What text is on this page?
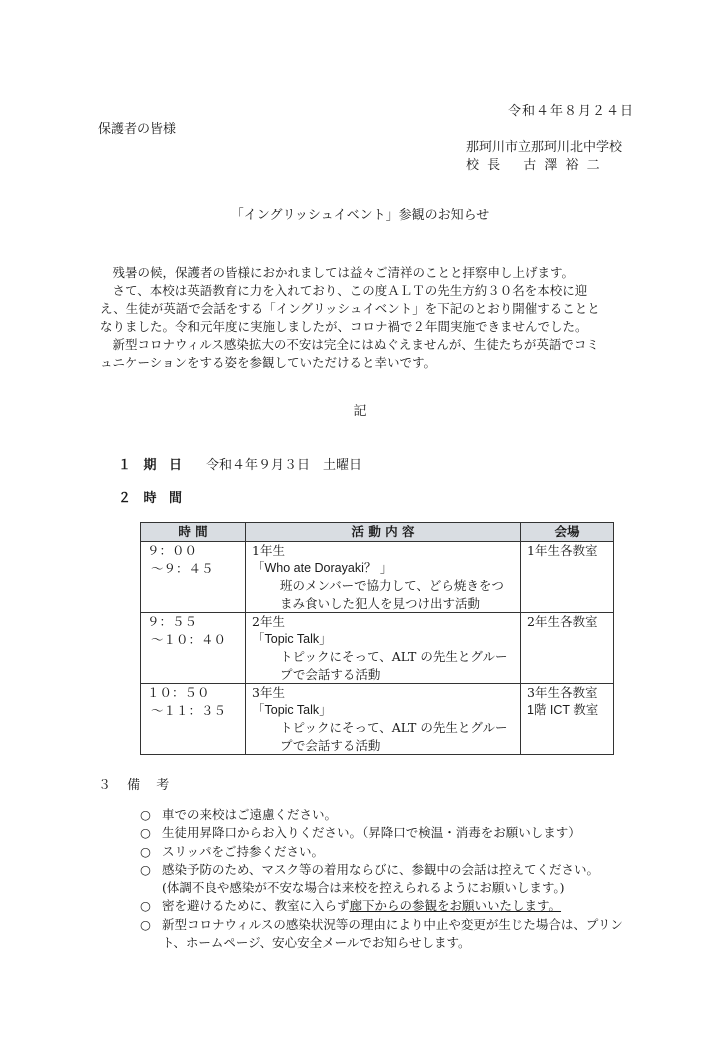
令和４年８月２４日
保護者の皆様
那珂川市立那珂川北中学校
校 長　 古 澤 裕 二
「イングリッシュイベント」参観のお知らせ

残暑の候，保護者の皆様におかれましては益々ご清祥のことと拝察申し上げます。

さて、本校は英語教育に力を入れており、この度ＡＬＴの先生方約３０名を本校に迎え、生徒が英語で会話をする「イングリッシュイベント」を下記のとおり開催することとなりました。令和元年度に実施しましたが、コロナ禍で２年間実施できませんでした。

新型コロナウィルス感染拡大の不安は完全にはぬぐえませんが、生徒たちが英語でコミュニケーションをする姿を参観していただけると幸いです。

記
１ 期 日 令和４年９月３日　土曜日
２ 時 間
時 間	活 動 内 容	会場

９：００
～９：４５	1年生
「Who ate Dorayaki？ 」
班のメンバーで協力して、どら焼きをつまみ食いした犯人を見つけ出す活動	1年生各教室

９：５５
～１０：４０	2年生
「Topic Talk」
トピックにそって、ALT の先生とグループで会話する活動	2年生各教室

１０：５０
～１１：３５	3年生
「Topic Talk」
トピックにそって、ALT の先生とグループで会話する活動	3年生各教室
1階 ICT 教室
３ 備 考
○ 車での来校はご遠慮ください。
○ 生徒用昇降口からお入りください。（昇降口で検温・消毒をお願いします）
○ スリッパをご持参ください。
○ 感染予防のため、マスク等の着用ならびに、参観中の会話は控えてください。
(体調不良や感染が不安な場合は来校を控えられるようにお願いします。)
○ 密を避けるために、教室に入らず廊下からの参観をお願いいたします。
○ 新型コロナウィルスの感染状況等の理由により中止や変更が生じた場合は、プリント、ホームページ、安心安全メールでお知らせします。
